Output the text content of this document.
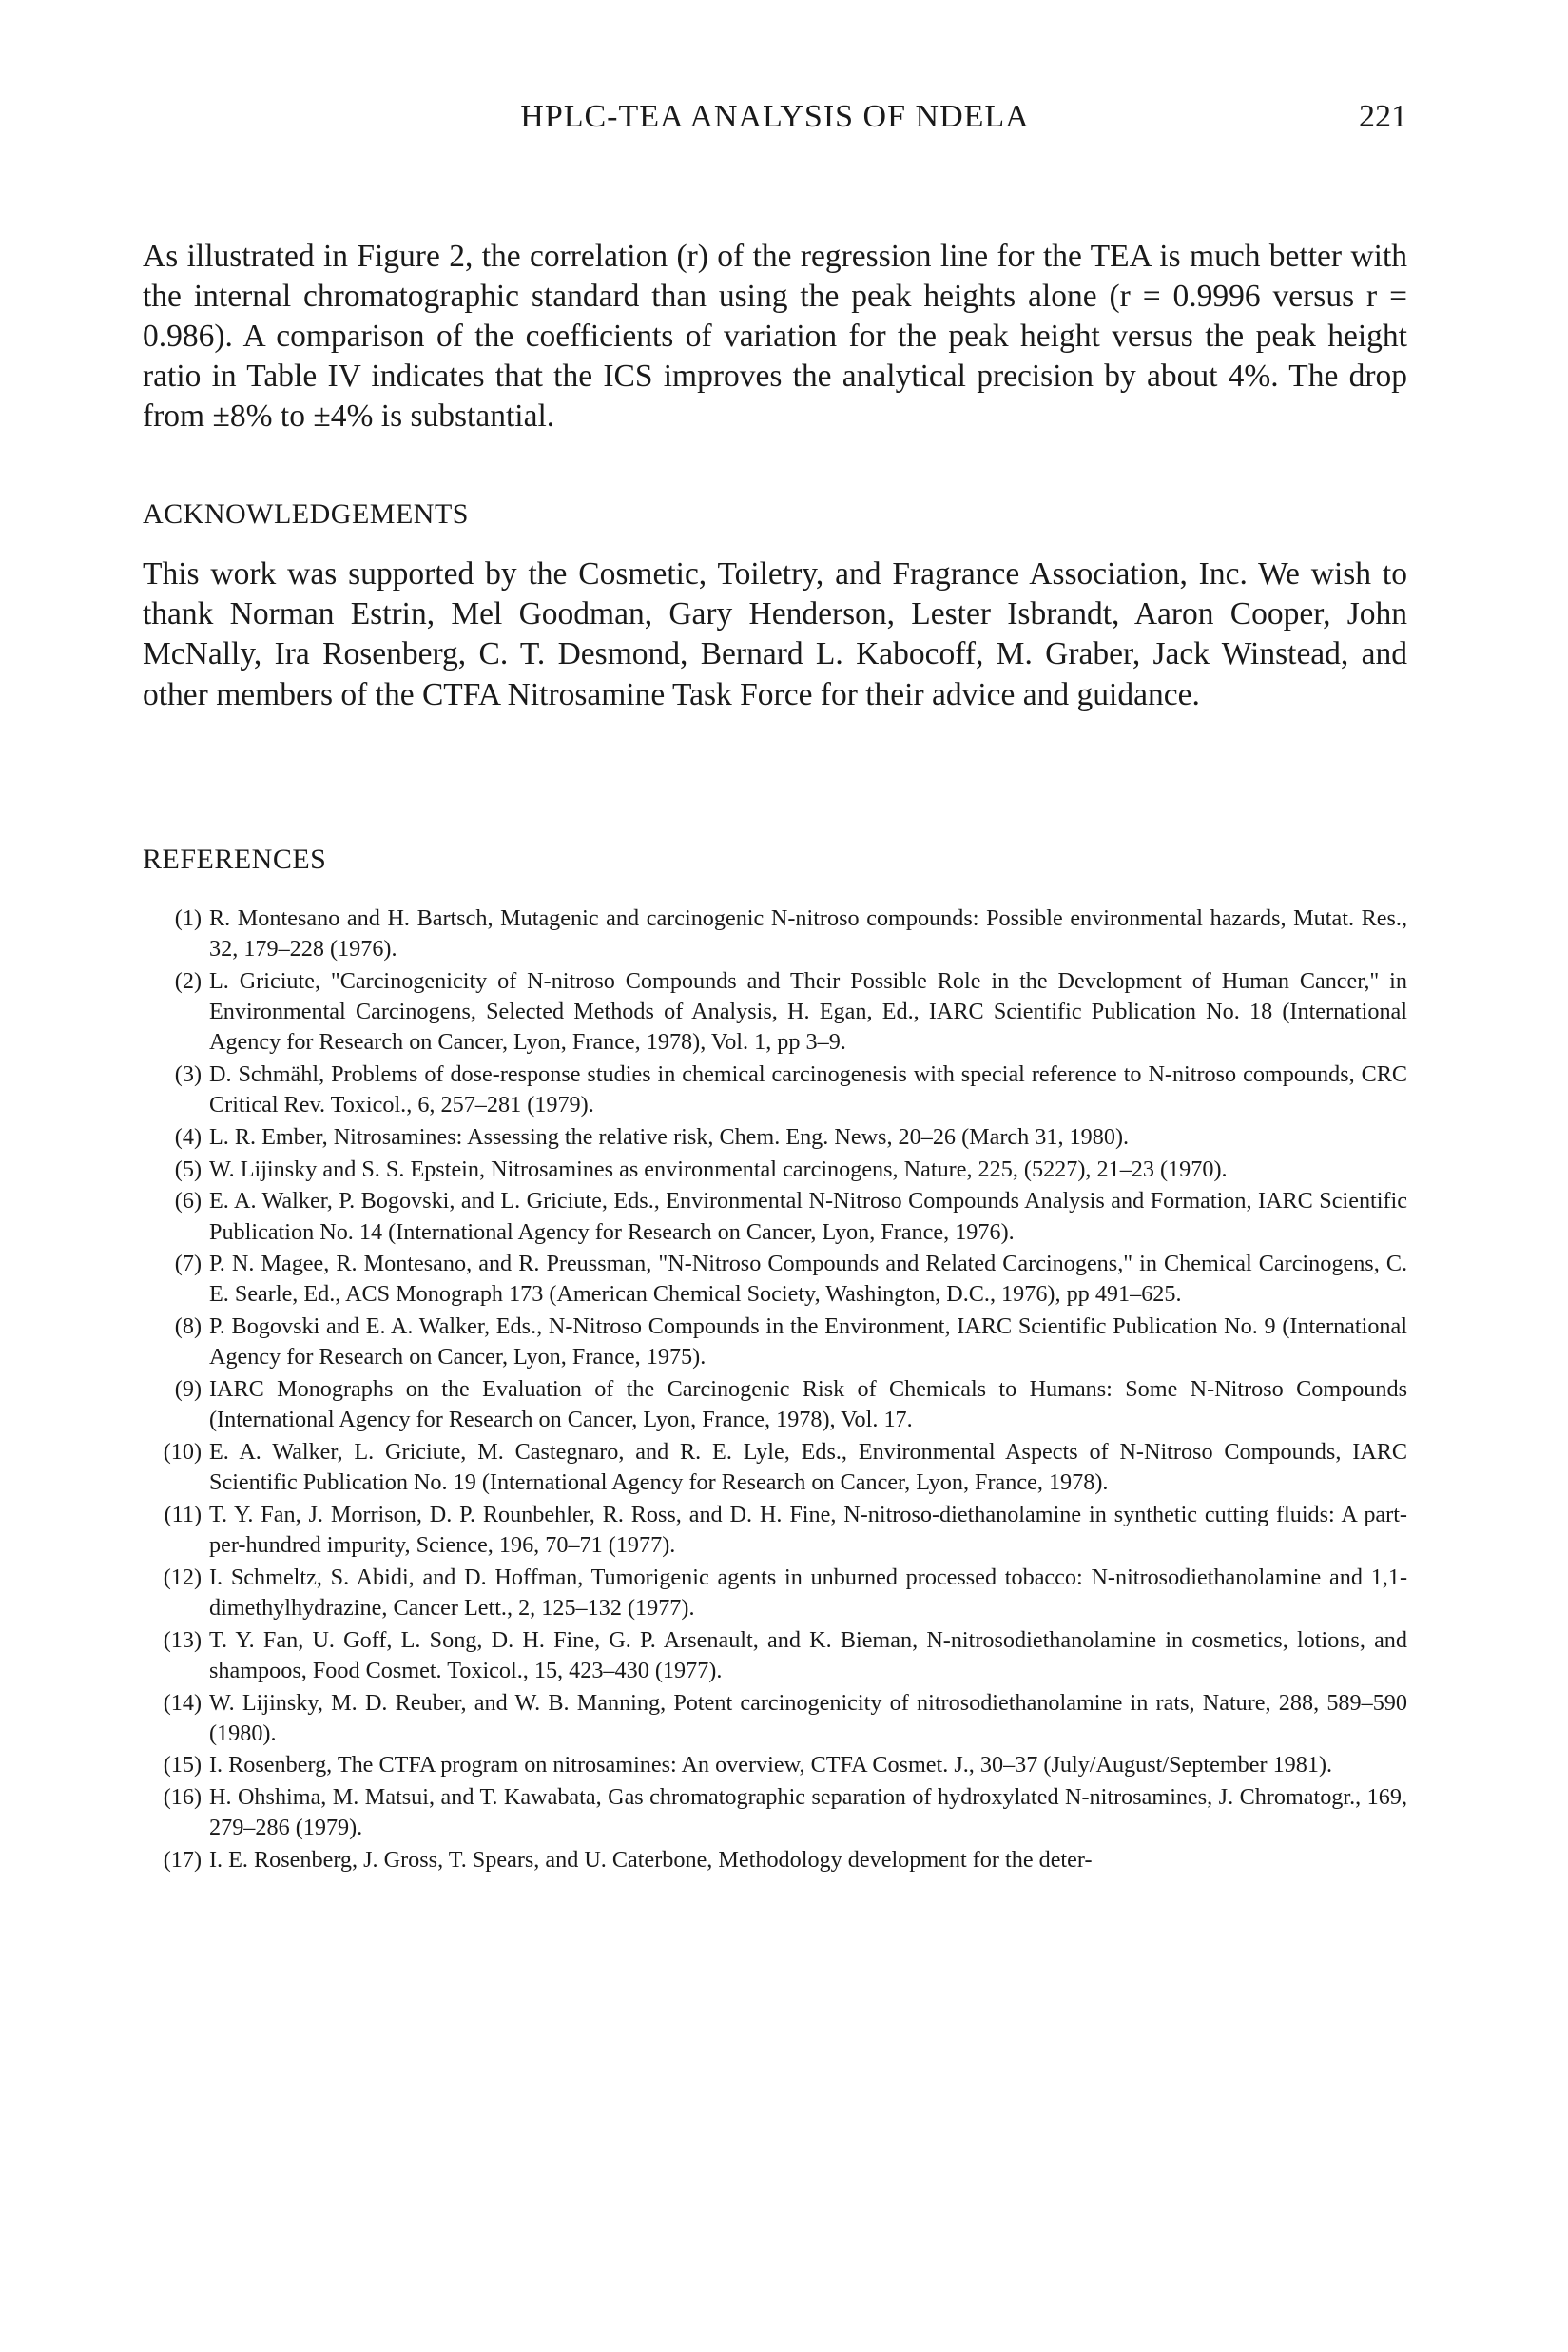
HPLC-TEA ANALYSIS OF NDELA	221

As illustrated in Figure 2, the correlation (r) of the regression line for the TEA is much better with the internal chromatographic standard than using the peak heights alone (r = 0.9996 versus r = 0.986). A comparison of the coefficients of variation for the peak height versus the peak height ratio in Table IV indicates that the ICS improves the analytical precision by about 4%. The drop from ±8% to ±4% is substantial.

ACKNOWLEDGEMENTS

This work was supported by the Cosmetic, Toiletry, and Fragrance Association, Inc. We wish to thank Norman Estrin, Mel Goodman, Gary Henderson, Lester Isbrandt, Aaron Cooper, John McNally, Ira Rosenberg, C. T. Desmond, Bernard L. Kabocoff, M. Graber, Jack Winstead, and other members of the CTFA Nitrosamine Task Force for their advice and guidance.

REFERENCES
(1) R. Montesano and H. Bartsch, Mutagenic and carcinogenic N-nitroso compounds: Possible environmental hazards, Mutat. Res., 32, 179–228 (1976).
(2) L. Griciute, "Carcinogenicity of N-nitroso Compounds and Their Possible Role in the Development of Human Cancer," in Environmental Carcinogens, Selected Methods of Analysis, H. Egan, Ed., IARC Scientific Publication No. 18 (International Agency for Research on Cancer, Lyon, France, 1978), Vol. 1, pp 3–9.
(3) D. Schmähl, Problems of dose-response studies in chemical carcinogenesis with special reference to N-nitroso compounds, CRC Critical Rev. Toxicol., 6, 257–281 (1979).
(4) L. R. Ember, Nitrosamines: Assessing the relative risk, Chem. Eng. News, 20–26 (March 31, 1980).
(5) W. Lijinsky and S. S. Epstein, Nitrosamines as environmental carcinogens, Nature, 225, (5227), 21–23 (1970).
(6) E. A. Walker, P. Bogovski, and L. Griciute, Eds., Environmental N-Nitroso Compounds Analysis and Formation, IARC Scientific Publication No. 14 (International Agency for Research on Cancer, Lyon, France, 1976).
(7) P. N. Magee, R. Montesano, and R. Preussman, "N-Nitroso Compounds and Related Carcinogens," in Chemical Carcinogens, C. E. Searle, Ed., ACS Monograph 173 (American Chemical Society, Washington, D.C., 1976), pp 491–625.
(8) P. Bogovski and E. A. Walker, Eds., N-Nitroso Compounds in the Environment, IARC Scientific Publication No. 9 (International Agency for Research on Cancer, Lyon, France, 1975).
(9) IARC Monographs on the Evaluation of the Carcinogenic Risk of Chemicals to Humans: Some N-Nitroso Compounds (International Agency for Research on Cancer, Lyon, France, 1978), Vol. 17.
(10) E. A. Walker, L. Griciute, M. Castegnaro, and R. E. Lyle, Eds., Environmental Aspects of N-Nitroso Compounds, IARC Scientific Publication No. 19 (International Agency for Research on Cancer, Lyon, France, 1978).
(11) T. Y. Fan, J. Morrison, D. P. Rounbehler, R. Ross, and D. H. Fine, N-nitroso-diethanolamine in synthetic cutting fluids: A part-per-hundred impurity, Science, 196, 70–71 (1977).
(12) I. Schmeltz, S. Abidi, and D. Hoffman, Tumorigenic agents in unburned processed tobacco: N-nitrosodiethanolamine and 1,1-dimethylhydrazine, Cancer Lett., 2, 125–132 (1977).
(13) T. Y. Fan, U. Goff, L. Song, D. H. Fine, G. P. Arsenault, and K. Bieman, N-nitrosodiethanolamine in cosmetics, lotions, and shampoos, Food Cosmet. Toxicol., 15, 423–430 (1977).
(14) W. Lijinsky, M. D. Reuber, and W. B. Manning, Potent carcinogenicity of nitrosodiethanolamine in rats, Nature, 288, 589–590 (1980).
(15) I. Rosenberg, The CTFA program on nitrosamines: An overview, CTFA Cosmet. J., 30–37 (July/August/September 1981).
(16) H. Ohshima, M. Matsui, and T. Kawabata, Gas chromatographic separation of hydroxylated N-nitrosamines, J. Chromatogr., 169, 279–286 (1979).
(17) I. E. Rosenberg, J. Gross, T. Spears, and U. Caterbone, Methodology development for the deter-
